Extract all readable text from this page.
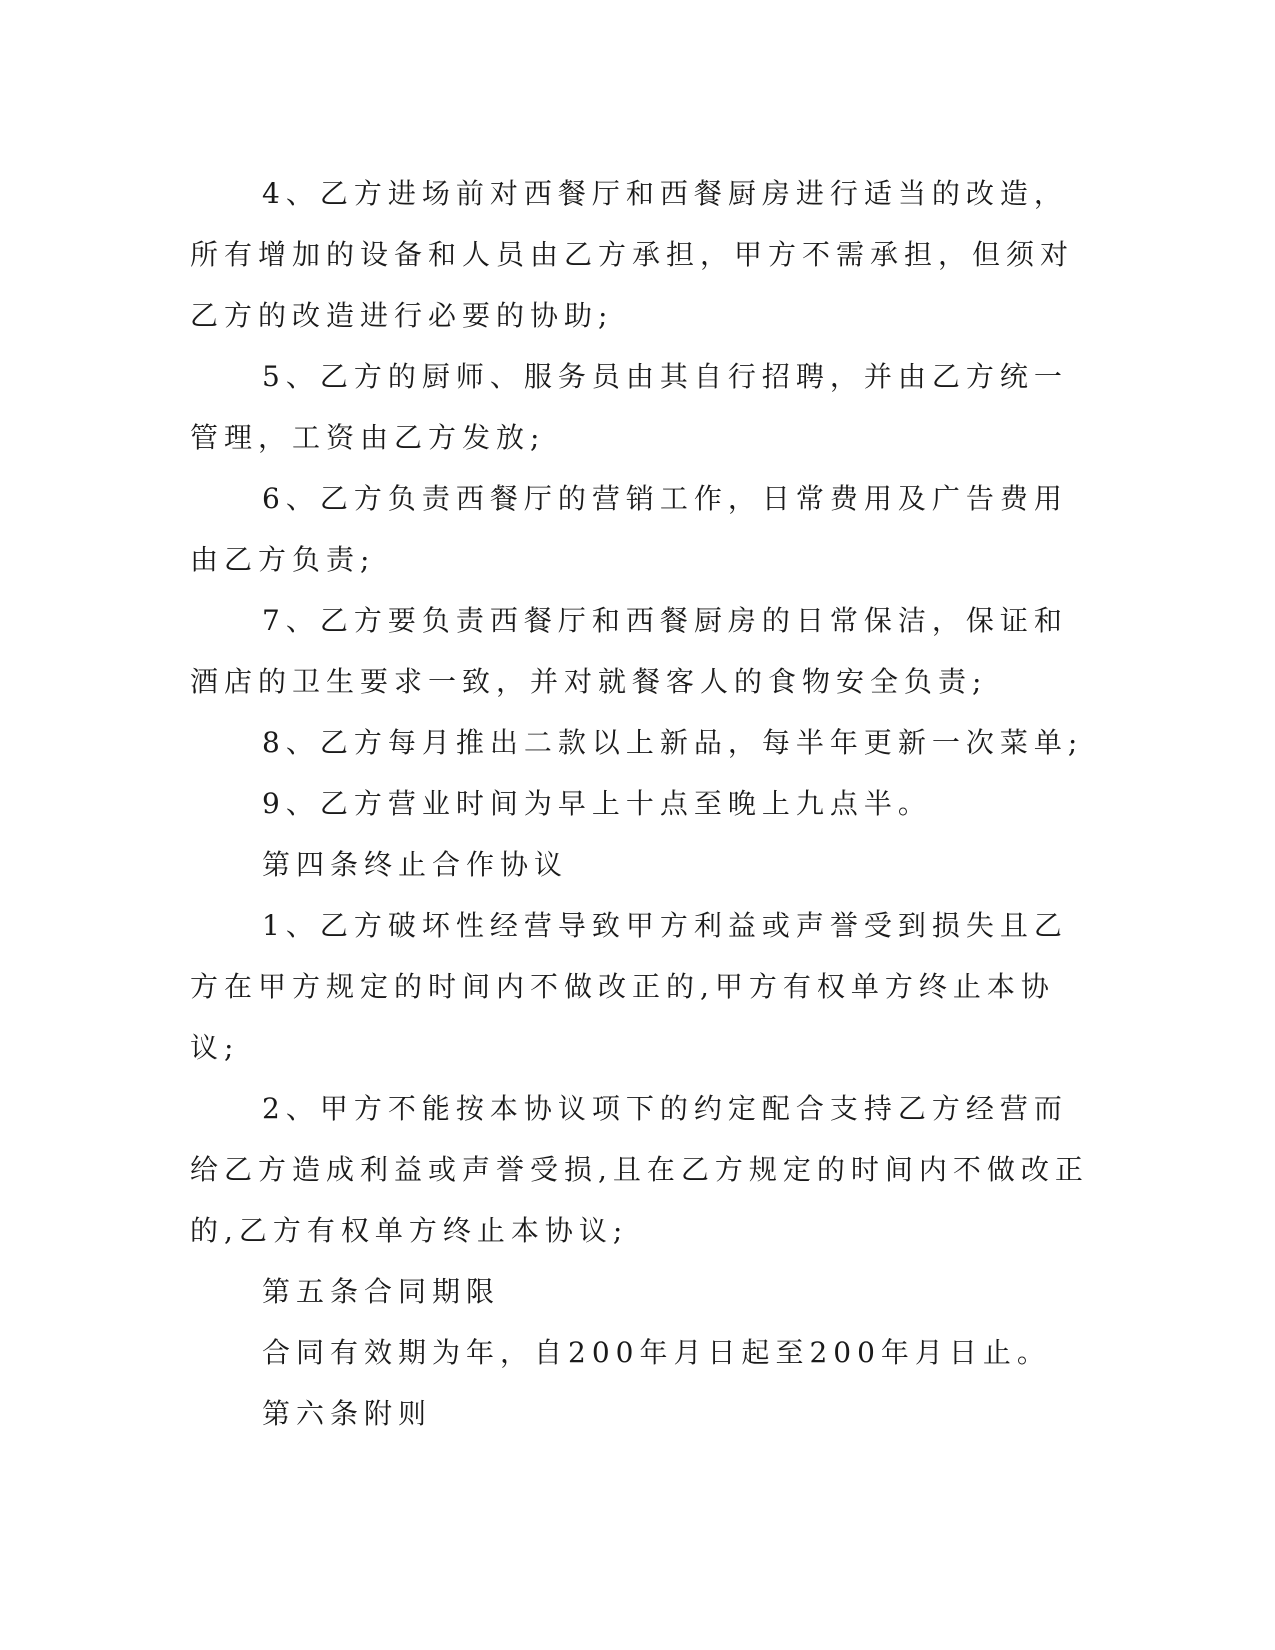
4、乙方进场前对西餐厅和西餐厨房进行适当的改造，所有增加的设备和人员由乙方承担，甲方不需承担，但须对乙方的改造进行必要的协助;

5、乙方的厨师、服务员由其自行招聘，并由乙方统一管理，工资由乙方发放;

6、乙方负责西餐厅的营销工作，日常费用及广告费用由乙方负责;

7、乙方要负责西餐厅和西餐厨房的日常保洁，保证和酒店的卫生要求一致，并对就餐客人的食物安全负责;

8、乙方每月推出二款以上新品，每半年更新一次菜单;

9、乙方营业时间为早上十点至晚上九点半。

第四条终止合作协议

1、乙方破坏性经营导致甲方利益或声誉受到损失且乙方在甲方规定的时间内不做改正的,甲方有权单方终止本协议;

2、甲方不能按本协议项下的约定配合支持乙方经营而给乙方造成利益或声誉受损,且在乙方规定的时间内不做改正的,乙方有权单方终止本协议;

第五条合同期限

合同有效期为年，自200年月日起至200年月日止。

第六条附则
